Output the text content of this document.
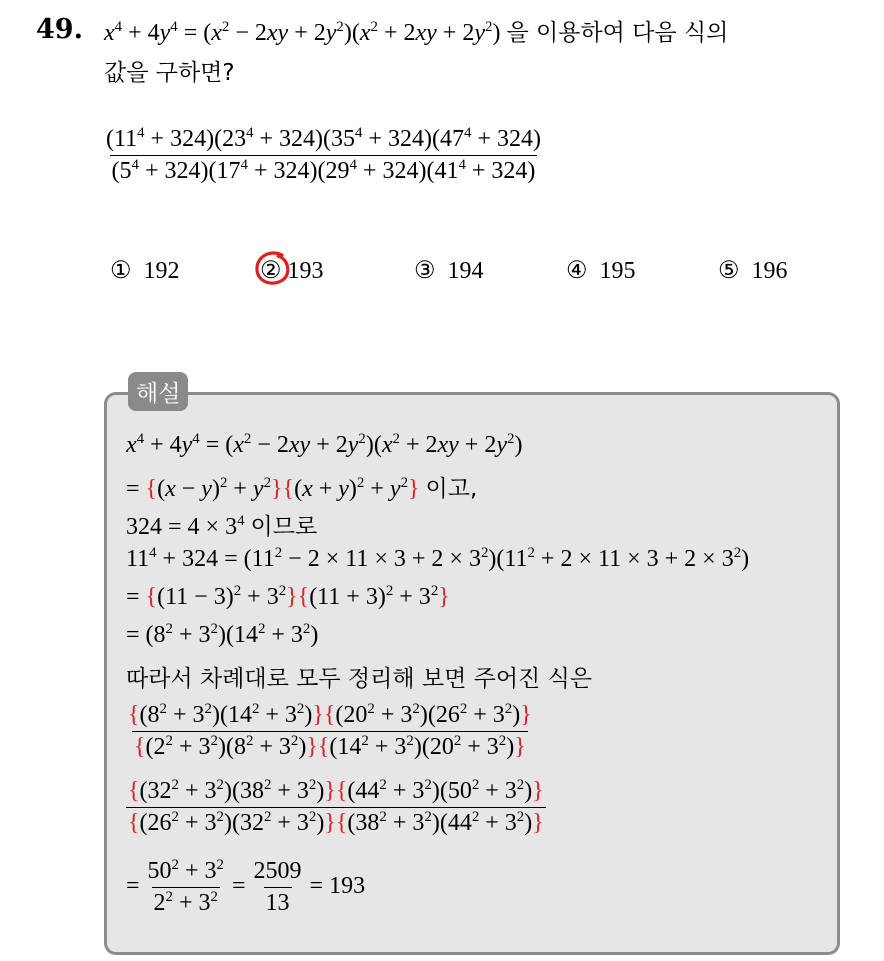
49. $x^4 + 4y^4 = (x^2 - 2xy + 2y^2)(x^2 + 2xy + 2y^2)$ 을 이용하여 다음 식의
값을 구하면?
$\frac{(11^4 + 324)(23^4 + 324)(35^4 + 324)(47^4 + 324)}{(5^4 + 324)(17^4 + 324)(29^4 + 324)(41^4 + 324)}$
① 192	② 193	③ 194	④ 195	⑤ 196
해설
$x^4 + 4y^4 = (x^2 - 2xy + 2y^2)(x^2 + 2xy + 2y^2)$
= $\{(x - y)^2 + y^2\}\{(x + y)^2 + y^2\}$ 이고,
$324 = 4 \times 3^4$ 이므로
$11^4 + 324 = (11^2 - 2 \times 11 \times 3 + 2 \times 3^2)(11^2 + 2 \times 11 \times 3 + 2 \times 3^2)$
= $\{(11 - 3)^2 + 3^2\}\{(11 + 3)^2 + 3^2\}$
= $(8^2 + 3^2)(14^2 + 3^2)$
따라서 차례대로 모두 정리해 보면 주어진 식은
$\frac{\{(8^2 + 3^2)(14^2 + 3^2)\}\{(20^2 + 3^2)(26^2 + 3^2)\}}{\{(2^2 + 3^2)(8^2 + 3^2)\}\{(14^2 + 3^2)(20^2 + 3^2)\}}$
$\frac{\{(32^2 + 3^2)(38^2 + 3^2)\}\{(44^2 + 3^2)(50^2 + 3^2)\}}{\{(26^2 + 3^2)(32^2 + 3^2)\}\{(38^2 + 3^2)(44^2 + 3^2)\}}$
= $\frac{50^2 + 3^2}{2^2 + 3^2} = \frac{2509}{13} = 193$
